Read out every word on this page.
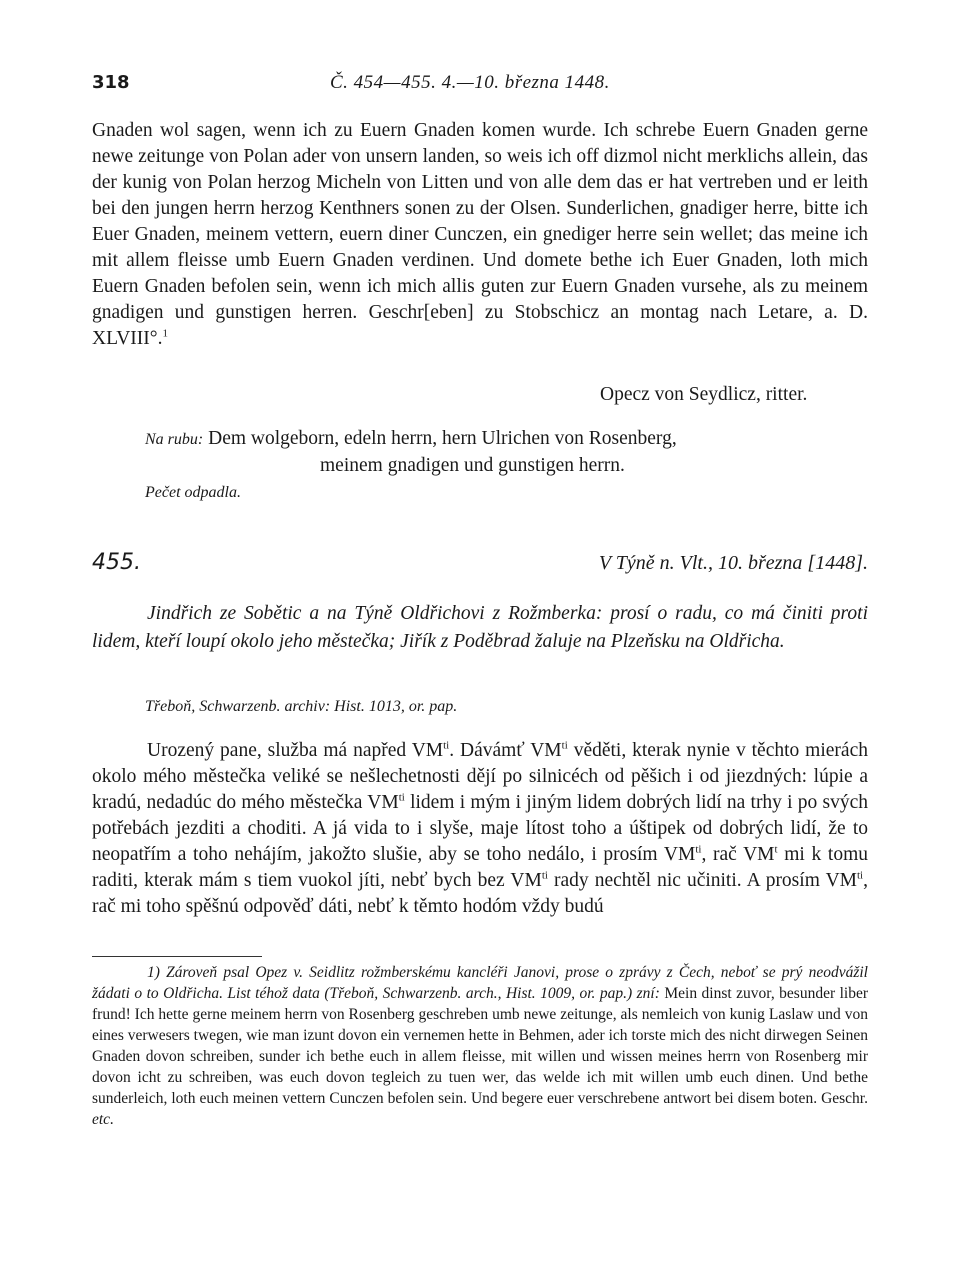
318	Č. 454—455. 4.—10. března 1448.
Gnaden wol sagen, wenn ich zu Euern Gnaden komen wurde. Ich schrebe Euern Gnaden gerne newe zeitunge von Polan ader von unsern landen, so weis ich off dizmol nicht merklichs allein, das der kunig von Polan herzog Micheln von Litten und von alle dem das er hat vertreben und er leith bei den jungen herrn herzog Kenthners sonen zu der Olsen. Sunderlichen, gnadiger herre, bitte ich Euer Gnaden, meinem vettern, euern diner Cunczen, ein gnediger herre sein wellet; das meine ich mit allem fleisse umb Euern Gnaden verdinen. Und domete bethe ich Euer Gnaden, loth mich Euern Gnaden befolen sein, wenn ich mich allis guten zur Euern Gnaden vursehe, als zu meinem gnadigen und gunstigen herren. Geschr[eben] zu Stobschicz an montag nach Letare, a. D. XLVIII°.$^1$
Opecz von Seydlicz, ritter.
Na rubu: Dem wolgeborn, edeln herrn, hern Ulrichen von Rosenberg,
meinem gnadigen und gunstigen herrn.
Pečet odpadla.
455.	V Týně n. Vlt., 10. března [1448].
Jindřich ze Sobětic a na Týně Oldřichovi z Rožmberka: prosí o radu, co má činiti proti lidem, kteří loupí okolo jeho městečka; Jiřík z Poděbrad žaluje na Plzeňsku na Oldřicha.
Třeboň, Schwarzenb. archiv: Hist. 1013, or. pap.
Urozený pane, služba má napřed $VM^{ti}$. Dávámť $VM^{ti}$ věděti, kterak nynie v těchto mierách okolo mého městečka veliké se nešlechetnosti dějí po silnicéch od pěšich i od jiezdných: lúpie a kradú, nedadúc do mého městečka $VM^{ti}$ lidem i mým i jiným lidem dobrých lidí na trhy i po svých potřebách jezditi a choditi. A já vida to i slyše, maje lítost toho a úštipek od dobrých lidí, že to neopatřím a toho nehájím, jakožto slušie, aby se toho nedálo, i prosím $VM^{ti}$, rač $VM^t$ mi k tomu raditi, kterak mám s tiem vuokol jíti, nebť bych bez $VM^{ti}$ rady nechtěl nic učiniti. A prosím $VM^{ti}$, rač mi toho spěšnú odpověď dáti, nebť k těmto hodóm vždy budú
1) Zároveň psal Opez v. Seidlitz rožmberskému kancléři Janovi, prose o zprávy z Čech, neboť se prý neodvážil žádati o to Oldřicha. List téhož data (Třeboň, Schwarzenb. arch., Hist. 1009, or. pap.) zní: Mein dinst zuvor, besunder liber frund! Ich hette gerne meinem herrn von Rosenberg geschreben umb newe zeitunge, als nemleich von kunig Laslaw und von eines verwesers twegen, wie man izunt dovon ein vernemen hette in Behmen, ader ich torste mich des nicht dirwegen Seinen Gnaden dovon schreiben, sunder ich bethe euch in allem fleisse, mit willen und wissen meines herrn von Rosenberg mir dovon icht zu schreiben, was euch dovon tegleich zu tuen wer, das welde ich mit willen umb euch dinen. Und bethe sunderleich, loth euch meinen vettern Cunczen befolen sein. Und begere euer verschrebene antwort bei disem boten. Geschr. etc.
